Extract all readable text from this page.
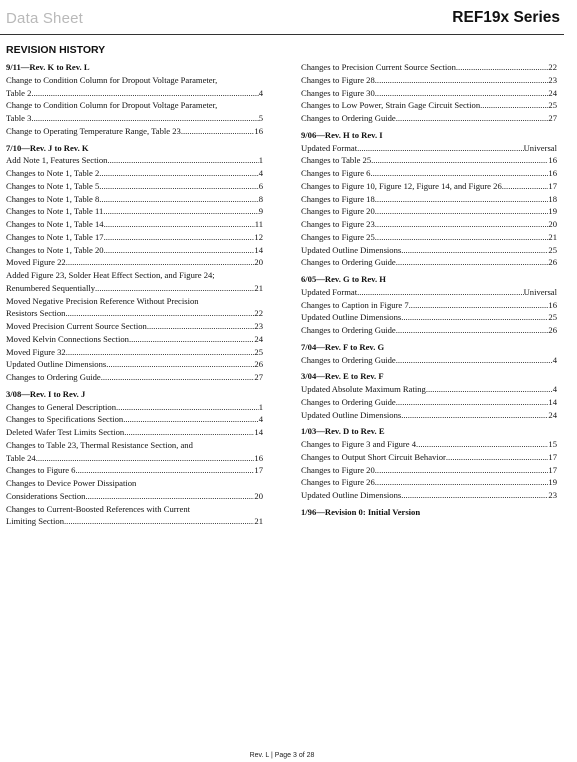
Data Sheet	REF19x Series
REVISION HISTORY
9/11—Rev. K to Rev. L
Change to Condition Column for Dropout Voltage Parameter,
Table 2 .....	4
Change to Condition Column for Dropout Voltage Parameter,
Table 3 .....	5
Change to Operating Temperature Range, Table 23 .....	16
7/10—Rev. J to Rev. K
Add Note 1, Features Section .....	1
Changes to Note 1, Table 2 .....	4
Changes to Note 1, Table 5 .....	6
Changes to Note 1, Table 8 .....	8
Changes to Note 1, Table 11 .....	9
Changes to Note 1, Table 14 .....	11
Changes to Note 1, Table 17 .....	12
Changes to Note 1, Table 20 .....	14
Moved Figure 22 .....	20
Added Figure 23, Solder Heat Effect Section, and Figure 24;
Renumbered Sequentially .....	21
Moved Negative Precision Reference Without Precision
Resistors Section .....	22
Moved Precision Current Source Section .....	23
Moved Kelvin Connections Section .....	24
Moved Figure 32 .....	25
Updated Outline Dimensions .....	26
Changes to Ordering Guide .....	27
3/08—Rev. I to Rev. J
Changes to General Description .....	1
Changes to Specifications Section .....	4
Deleted Wafer Test Limits Section .....	14
Changes to Table 23, Thermal Resistance Section, and
Table 24 .....	16
Changes to Figure 6 .....	17
Changes to Device Power Dissipation
Considerations Section .....	20
Changes to Current-Boosted References with Current
Limiting Section .....	21
Changes to Precision Current Source Section .....	22
Changes to Figure 28 .....	23
Changes to Figure 30 .....	24
Changes to Low Power, Strain Gage Circuit Section .....	25
Changes to Ordering Guide .....	27
9/06—Rev. H to Rev. I
Updated Format .....	Universal
Changes to Table 25 .....	16
Changes to Figure 6 .....	16
Changes to Figure 10, Figure 12, Figure 14, and Figure 26 .....	17
Changes to Figure 18 .....	18
Changes to Figure 20 .....	19
Changes to Figure 23 .....	20
Changes to Figure 25 .....	21
Updated Outline Dimensions .....	25
Changes to Ordering Guide .....	26
6/05—Rev. G to Rev. H
Updated Format .....	Universal
Changes to Caption in Figure 7 .....	16
Updated Outline Dimensions .....	25
Changes to Ordering Guide .....	26
7/04—Rev. F to Rev. G
Changes to Ordering Guide .....	4
3/04—Rev. E to Rev. F
Updated Absolute Maximum Rating .....	4
Changes to Ordering Guide .....	14
Updated Outline Dimensions .....	24
1/03—Rev. D to Rev. E
Changes to Figure 3 and Figure 4 .....	15
Changes to Output Short Circuit Behavior .....	17
Changes to Figure 20 .....	17
Changes to Figure 26 .....	19
Updated Outline Dimensions .....	23
1/96—Revision 0: Initial Version
Rev. L | Page 3 of 28
